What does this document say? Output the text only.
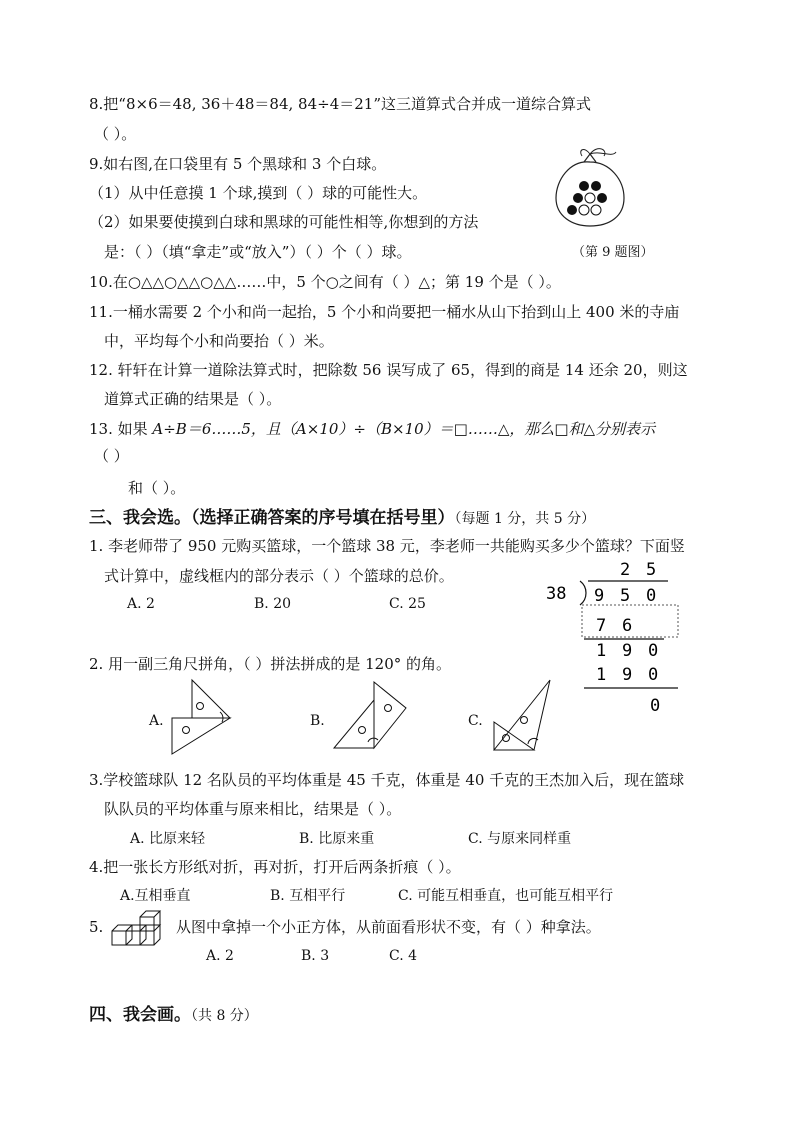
8.把“8×6＝48, 36＋48＝84, 84÷4＝21”这三道算式合并成一道综合算式
（ ）。
9.如右图,在口袋里有 5 个黑球和 3 个白球。
（1）从中任意摸 1 个球,摸到（ ）球的可能性大。
（2）如果要使摸到白球和黑球的可能性相等,你想到的方法
是：（ ）（填“拿走”或“放入”）（ ）个（ ）球。	（第 9 题图）
10.在○△△○△△○△△……中，5 个○之间有（ ）△；第 19 个是（ ）。
11.一桶水需要 2 个小和尚一起抬，5 个小和尚要把一桶水从山下抬到山上 400 米的寺庙
中，平均每个小和尚要抬（ ）米。
12. 轩轩在计算一道除法算式时，把除数 56 误写成了 65，得到的商是 14 还余 20，则这
道算式正确的结果是（ ）。
13. 如果 A÷B＝6……5，且（A×10）÷（B×10）＝□……△，那么□和△分别表示
（ ）
和（ ）。
三、我会选。（选择正确答案的序号填在括号里）（每题 1 分，共 5 分）
1. 李老师带了 950 元购买篮球，一个篮球 38 元，李老师一共能购买多少个篮球？下面竖
式计算中，虚线框内的部分表示（ ）个篮球的总价。
A. 2	B. 20	C. 25
2 5
38 9 5 0
7 6
1 9 0
1 9 0
0
2. 用一副三角尺拼角，（ ）拼法拼成的是 120° 的角。
A.	B.	C.
3.学校篮球队 12 名队员的平均体重是 45 千克，体重是 40 千克的王杰加入后，现在篮球
队队员的平均体重与原来相比，结果是（ ）。
A. 比原来轻	B. 比原来重	C. 与原来同样重
4.把一张长方形纸对折，再对折，打开后两条折痕（ ）。
A.互相垂直	B. 互相平行	C. 可能互相垂直，也可能互相平行
5.	从图中拿掉一个小正方体，从前面看形状不变，有（ ）种拿法。
A. 2	B. 3	C. 4
四、我会画。（共 8 分）
